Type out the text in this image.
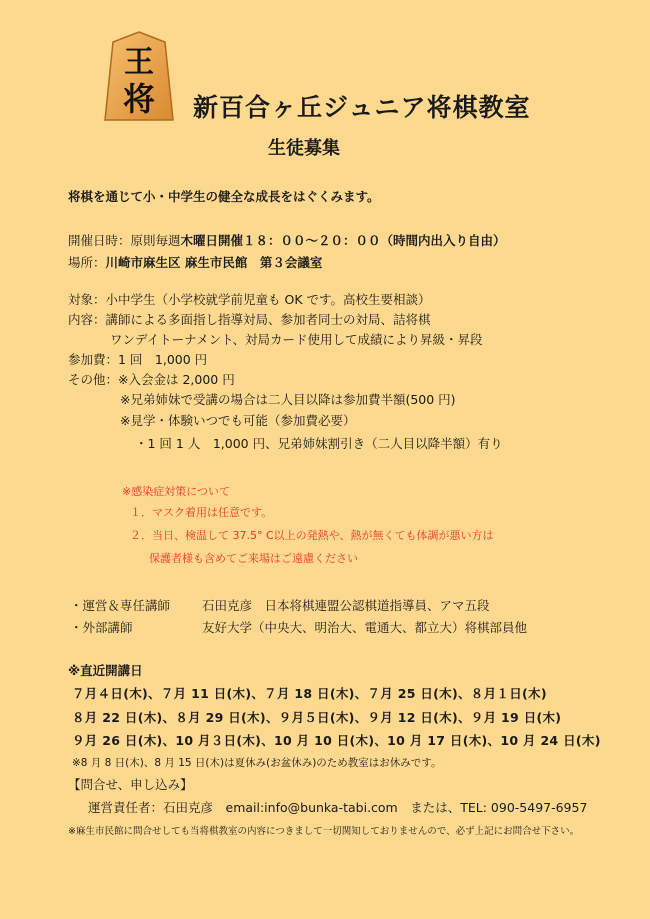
王
将 新百合ヶ丘ジュニア将棋教室
生徒募集
将棋を通じて小・中学生の健全な成長をはぐくみます。
開催日時：原則毎週木曜日開催１８：００～２０：００（時間内出入り自由）
場所：川崎市麻生区 麻生市民館　第３会議室
対象：小中学生（小学校就学前児童も OK です。高校生要相談）
内容：講師による多面指し指導対局、参加者同士の対局、詰将棋
ワンデイトーナメント、対局カード使用して成績により昇級・昇段
参加費：1 回　1,000 円
その他：※入会金は 2,000 円
※兄弟姉妹で受講の場合は二人目以降は参加費半額(500 円)
※見学・体験いつでも可能（参加費必要）
・1 回 1 人　1,000 円、兄弟姉妹割引き（二人目以降半額）有り
※感染症対策について
１．マスク着用は任意です。
２．当日、検温して 37.5° C以上の発熱や、熱が無くても体調が悪い方は
保護者様も含めてご来場はご遠慮ください
・運営＆専任講師	石田克彦　日本将棋連盟公認棋道指導員、アマ五段
・外部講師	友好大学（中央大、明治大、電通大、都立大）将棋部員他
※直近開講日
７月４日(木)、７月 11 日(木)、７月 18 日(木)、７月 25 日(木)、８月１日(木)
８月 22 日(木)、８月 29 日(木)、９月５日(木)、９月 12 日(木)、９月 19 日(木)
９月 26 日(木)、10 月３日(木)、10 月 10 日(木)、10 月 17 日(木)、10 月 24 日(木)
※8 月 8 日(木)、8 月 15 日(木)は夏休み(お盆休み)のため教室はお休みです。
【問合せ、申し込み】
運営責任者：石田克彦　email:info@bunka-tabi.com　または、TEL: 090-5497-6957
※麻生市民館に問合せしても当将棋教室の内容につきまして一切関知しておりませんので、必ず上記にお問合せ下さい。
